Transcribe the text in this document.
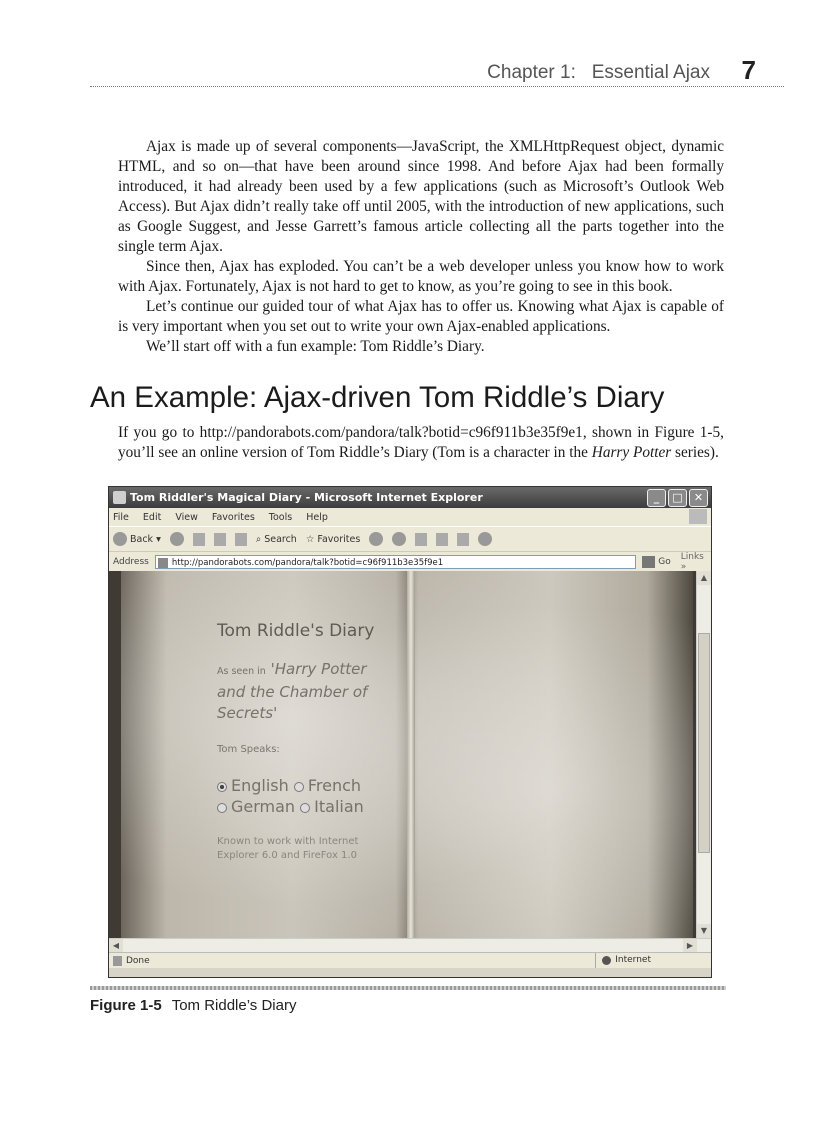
Chapter 1:   Essential Ajax 7

Ajax is made up of several components—JavaScript, the XMLHttpRequest object, dynamic HTML, and so on—that have been around since 1998. And before Ajax had been formally introduced, it had already been used by a few applications (such as Microsoft’s Outlook Web Access). But Ajax didn’t really take off until 2005, with the introduction of new applications, such as Google Suggest, and Jesse Garrett’s famous article collecting all the parts together into the single term Ajax.

Since then, Ajax has exploded. You can’t be a web developer unless you know how to work with Ajax. Fortunately, Ajax is not hard to get to know, as you’re going to see in this book.

Let’s continue our guided tour of what Ajax has to offer us. Knowing what Ajax is capable of is very important when you set out to write your own Ajax-enabled applications.

We’ll start off with a fun example: Tom Riddle’s Diary.

An Example: Ajax-driven Tom Riddle’s Diary

If you go to http://pandorabots.com/pandora/talk?botid=c96f911b3e35f9e1, shown in Figure 1-5, you’ll see an online version of Tom Riddle’s Diary (Tom is a character in the Harry Potter series).

Tom Riddler's Magical Diary - Microsoft Internet Explorer	_	□	✕
File Edit View Favorites Tools Help
Back ▾	⌕ Search ☆ Favorites
Address	http://pandorabots.com/pandora/talk?botid=c96f911b3e35f9e1	Go Links »
Tom Riddle's Diary
As seen in 'Harry Potter and the Chamber of Secrets'
Tom Speaks:
English French
German Italian
Known to work with Internet Explorer 6.0 and FireFox 1.0
▲
▼
◀	▶
Done	Internet
Figure 1-5 Tom Riddle’s Diary
